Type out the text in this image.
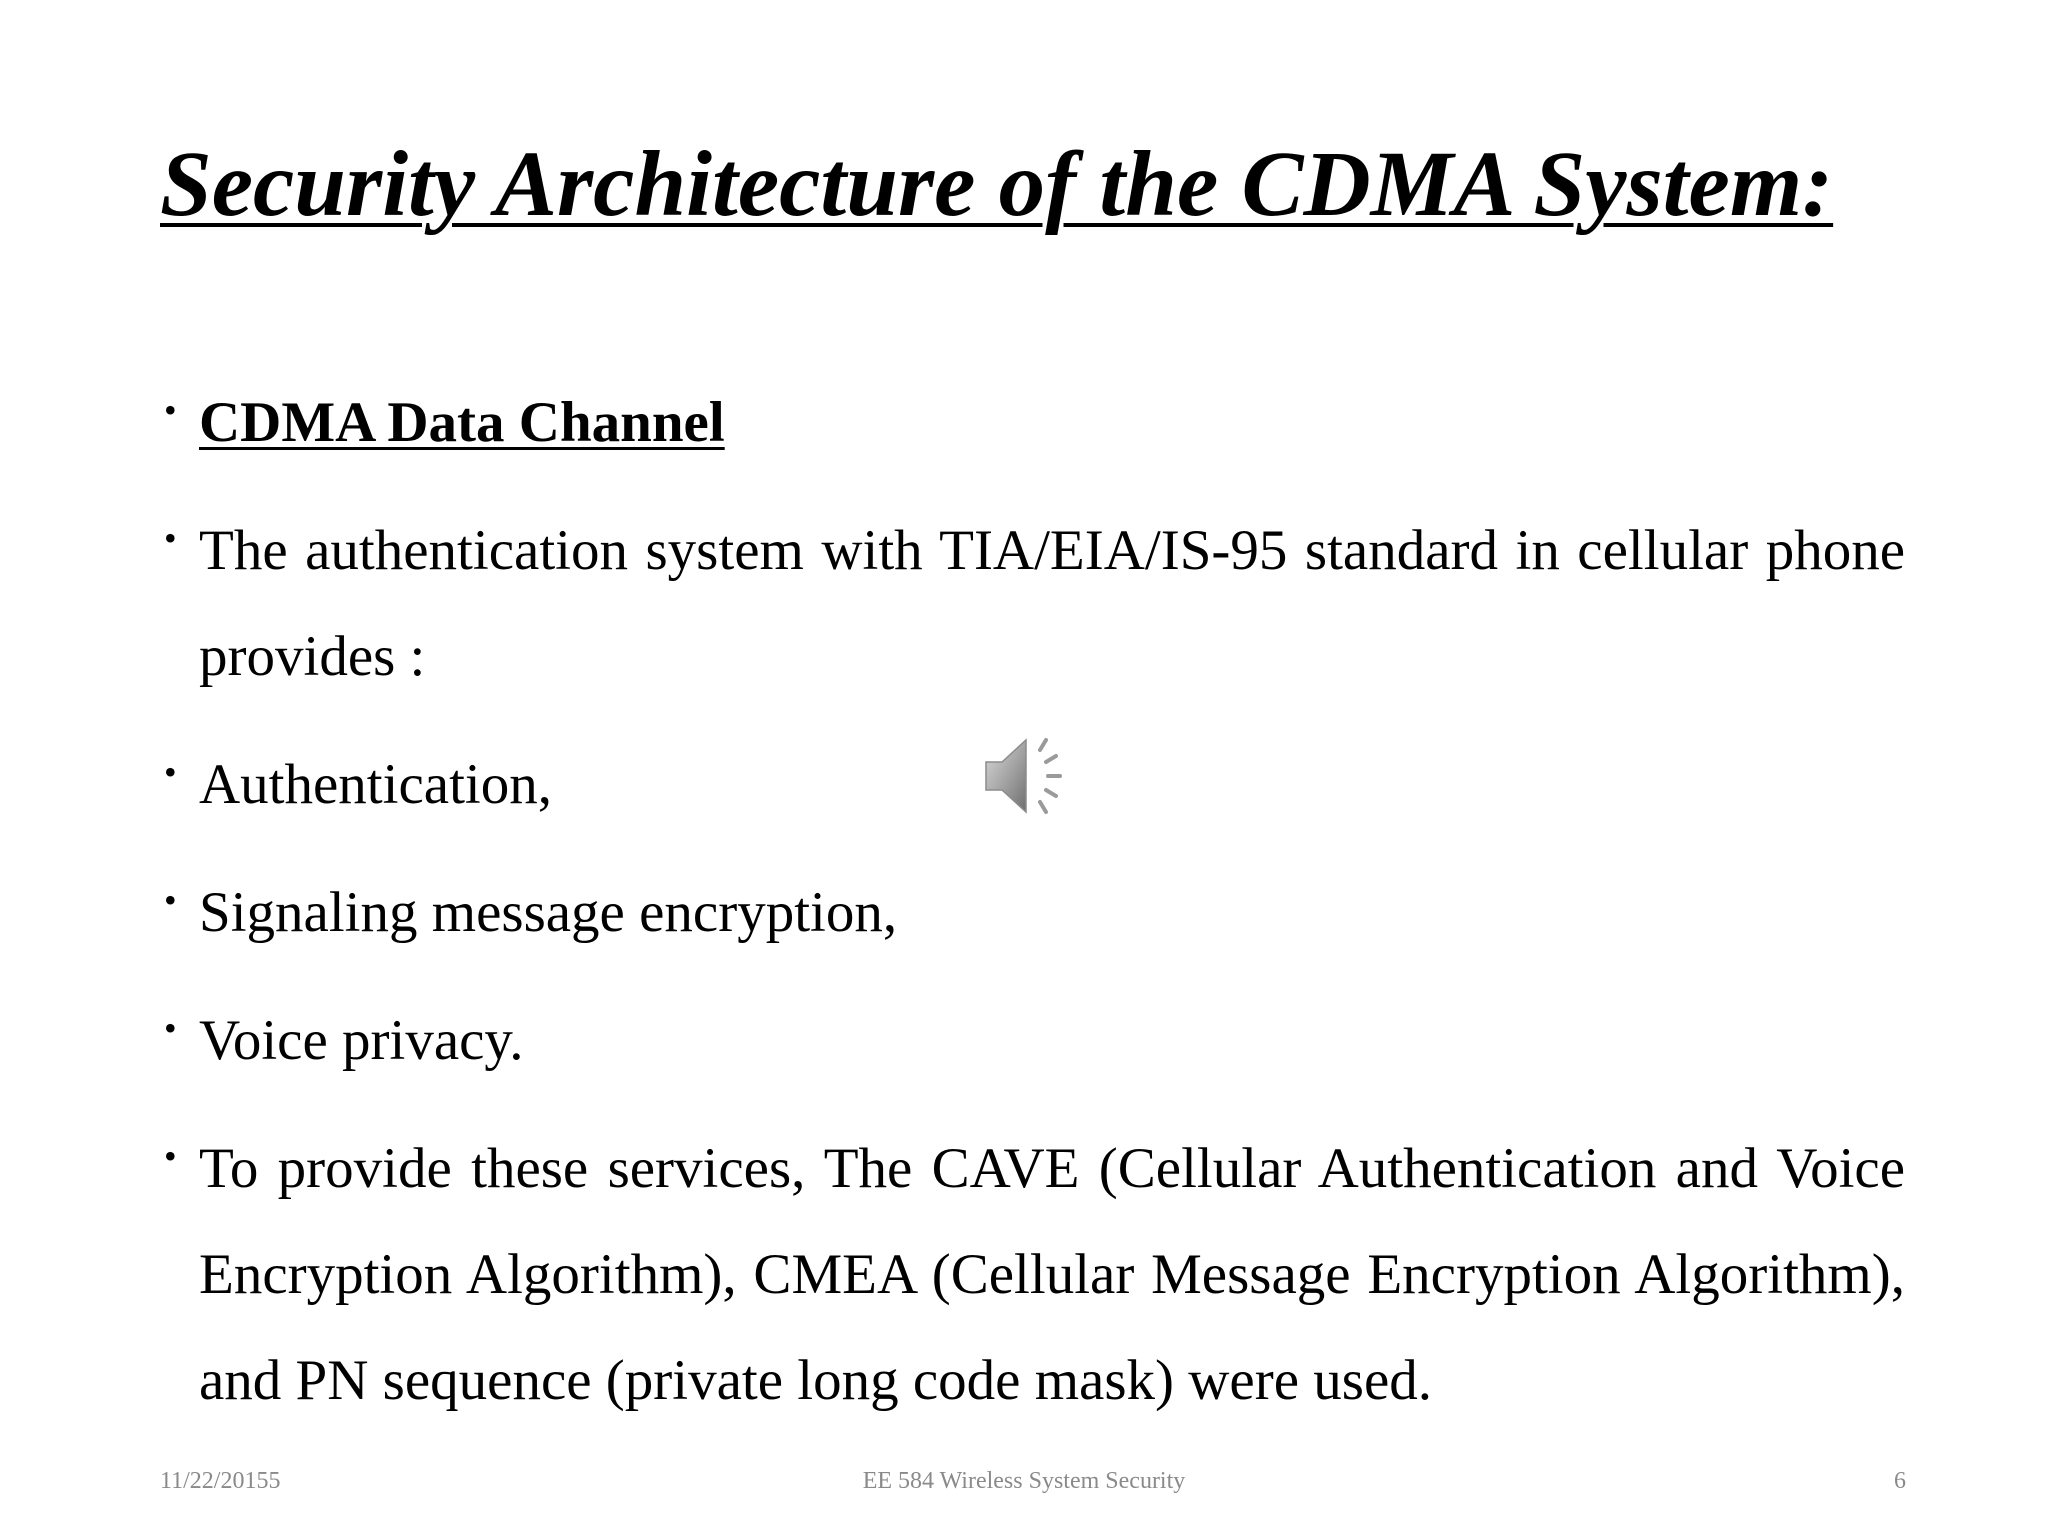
Security Architecture of the CDMA System:
• CDMA Data Channel
• The authentication system with TIA/EIA/IS-95 standard in cellular phone provides :
• Authentication,
• Signaling message encryption,
• Voice privacy.
• To provide these services, The CAVE (Cellular Authentication and Voice Encryption Algorithm), CMEA (Cellular Message Encryption Algorithm), and PN sequence (private long code mask) were used.
11/22/20155	EE 584 Wireless System Security	6
